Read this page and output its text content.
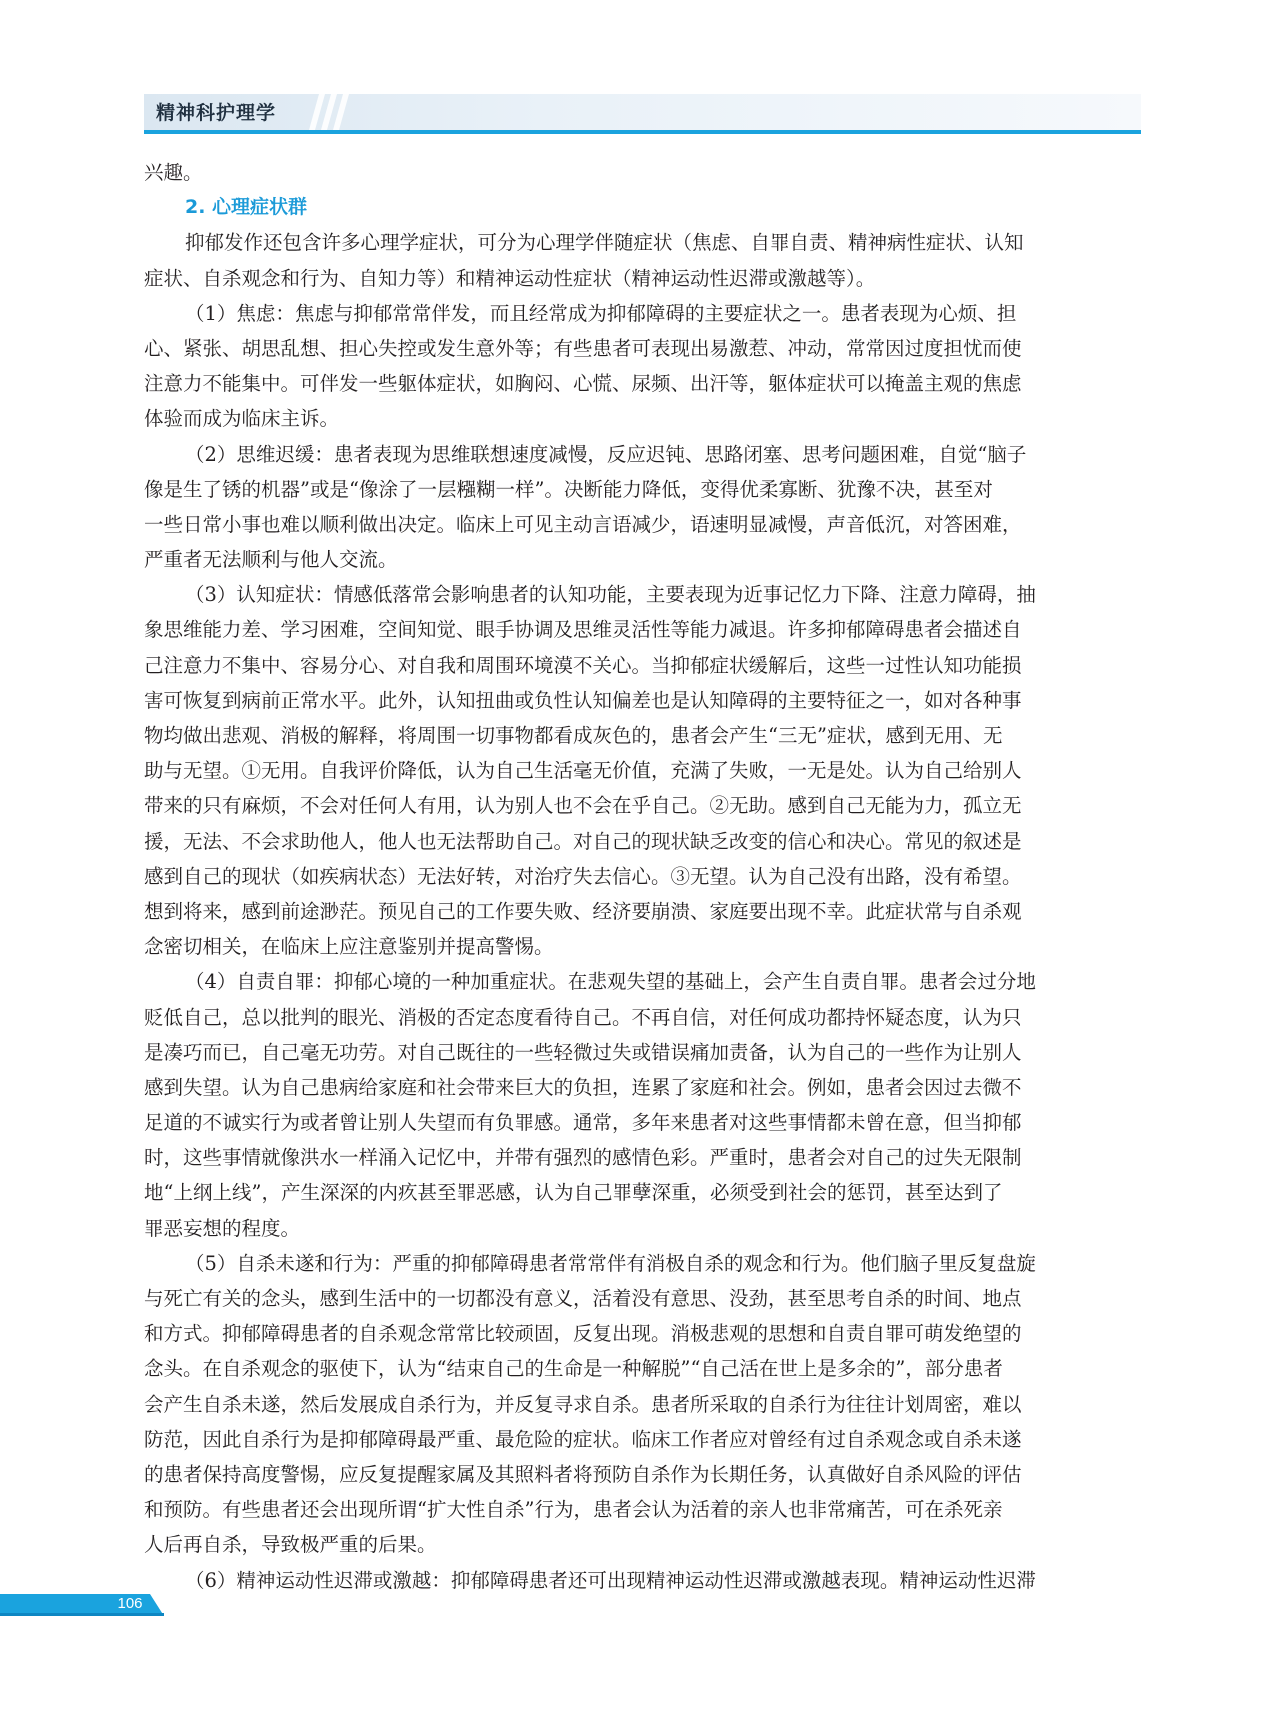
精神科护理学
兴趣。
2. 心理症状群
抑郁发作还包含许多心理学症状，可分为心理学伴随症状（焦虑、自罪自责、精神病性症状、认知
症状、自杀观念和行为、自知力等）和精神运动性症状（精神运动性迟滞或激越等）。
（1）焦虑：焦虑与抑郁常常伴发，而且经常成为抑郁障碍的主要症状之一。患者表现为心烦、担
心、紧张、胡思乱想、担心失控或发生意外等；有些患者可表现出易激惹、冲动，常常因过度担忧而使
注意力不能集中。可伴发一些躯体症状，如胸闷、心慌、尿频、出汗等，躯体症状可以掩盖主观的焦虑
体验而成为临床主诉。
（2）思维迟缓：患者表现为思维联想速度减慢，反应迟钝、思路闭塞、思考问题困难，自觉“脑子
像是生了锈的机器”或是“像涂了一层糨糊一样”。决断能力降低，变得优柔寡断、犹豫不决，甚至对
一些日常小事也难以顺利做出决定。临床上可见主动言语减少，语速明显减慢，声音低沉，对答困难，
严重者无法顺利与他人交流。
（3）认知症状：情感低落常会影响患者的认知功能，主要表现为近事记忆力下降、注意力障碍，抽
象思维能力差、学习困难，空间知觉、眼手协调及思维灵活性等能力减退。许多抑郁障碍患者会描述自
己注意力不集中、容易分心、对自我和周围环境漠不关心。当抑郁症状缓解后，这些一过性认知功能损
害可恢复到病前正常水平。此外，认知扭曲或负性认知偏差也是认知障碍的主要特征之一，如对各种事
物均做出悲观、消极的解释，将周围一切事物都看成灰色的，患者会产生“三无”症状，感到无用、无
助与无望。①无用。自我评价降低，认为自己生活毫无价值，充满了失败，一无是处。认为自己给别人
带来的只有麻烦，不会对任何人有用，认为别人也不会在乎自己。②无助。感到自己无能为力，孤立无
援，无法、不会求助他人，他人也无法帮助自己。对自己的现状缺乏改变的信心和决心。常见的叙述是
感到自己的现状（如疾病状态）无法好转，对治疗失去信心。③无望。认为自己没有出路，没有希望。
想到将来，感到前途渺茫。预见自己的工作要失败、经济要崩溃、家庭要出现不幸。此症状常与自杀观
念密切相关，在临床上应注意鉴别并提高警惕。
（4）自责自罪：抑郁心境的一种加重症状。在悲观失望的基础上，会产生自责自罪。患者会过分地
贬低自己，总以批判的眼光、消极的否定态度看待自己。不再自信，对任何成功都持怀疑态度，认为只
是凑巧而已，自己毫无功劳。对自己既往的一些轻微过失或错误痛加责备，认为自己的一些作为让别人
感到失望。认为自己患病给家庭和社会带来巨大的负担，连累了家庭和社会。例如，患者会因过去微不
足道的不诚实行为或者曾让别人失望而有负罪感。通常，多年来患者对这些事情都未曾在意，但当抑郁
时，这些事情就像洪水一样涌入记忆中，并带有强烈的感情色彩。严重时，患者会对自己的过失无限制
地“上纲上线”，产生深深的内疚甚至罪恶感，认为自己罪孽深重，必须受到社会的惩罚，甚至达到了
罪恶妄想的程度。
（5）自杀未遂和行为：严重的抑郁障碍患者常常伴有消极自杀的观念和行为。他们脑子里反复盘旋
与死亡有关的念头，感到生活中的一切都没有意义，活着没有意思、没劲，甚至思考自杀的时间、地点
和方式。抑郁障碍患者的自杀观念常常比较顽固，反复出现。消极悲观的思想和自责自罪可萌发绝望的
念头。在自杀观念的驱使下，认为“结束自己的生命是一种解脱”“自己活在世上是多余的”，部分患者
会产生自杀未遂，然后发展成自杀行为，并反复寻求自杀。患者所采取的自杀行为往往计划周密，难以
防范，因此自杀行为是抑郁障碍最严重、最危险的症状。临床工作者应对曾经有过自杀观念或自杀未遂
的患者保持高度警惕，应反复提醒家属及其照料者将预防自杀作为长期任务，认真做好自杀风险的评估
和预防。有些患者还会出现所谓“扩大性自杀”行为，患者会认为活着的亲人也非常痛苦，可在杀死亲
人后再自杀，导致极严重的后果。
（6）精神运动性迟滞或激越：抑郁障碍患者还可出现精神运动性迟滞或激越表现。精神运动性迟滞
106
